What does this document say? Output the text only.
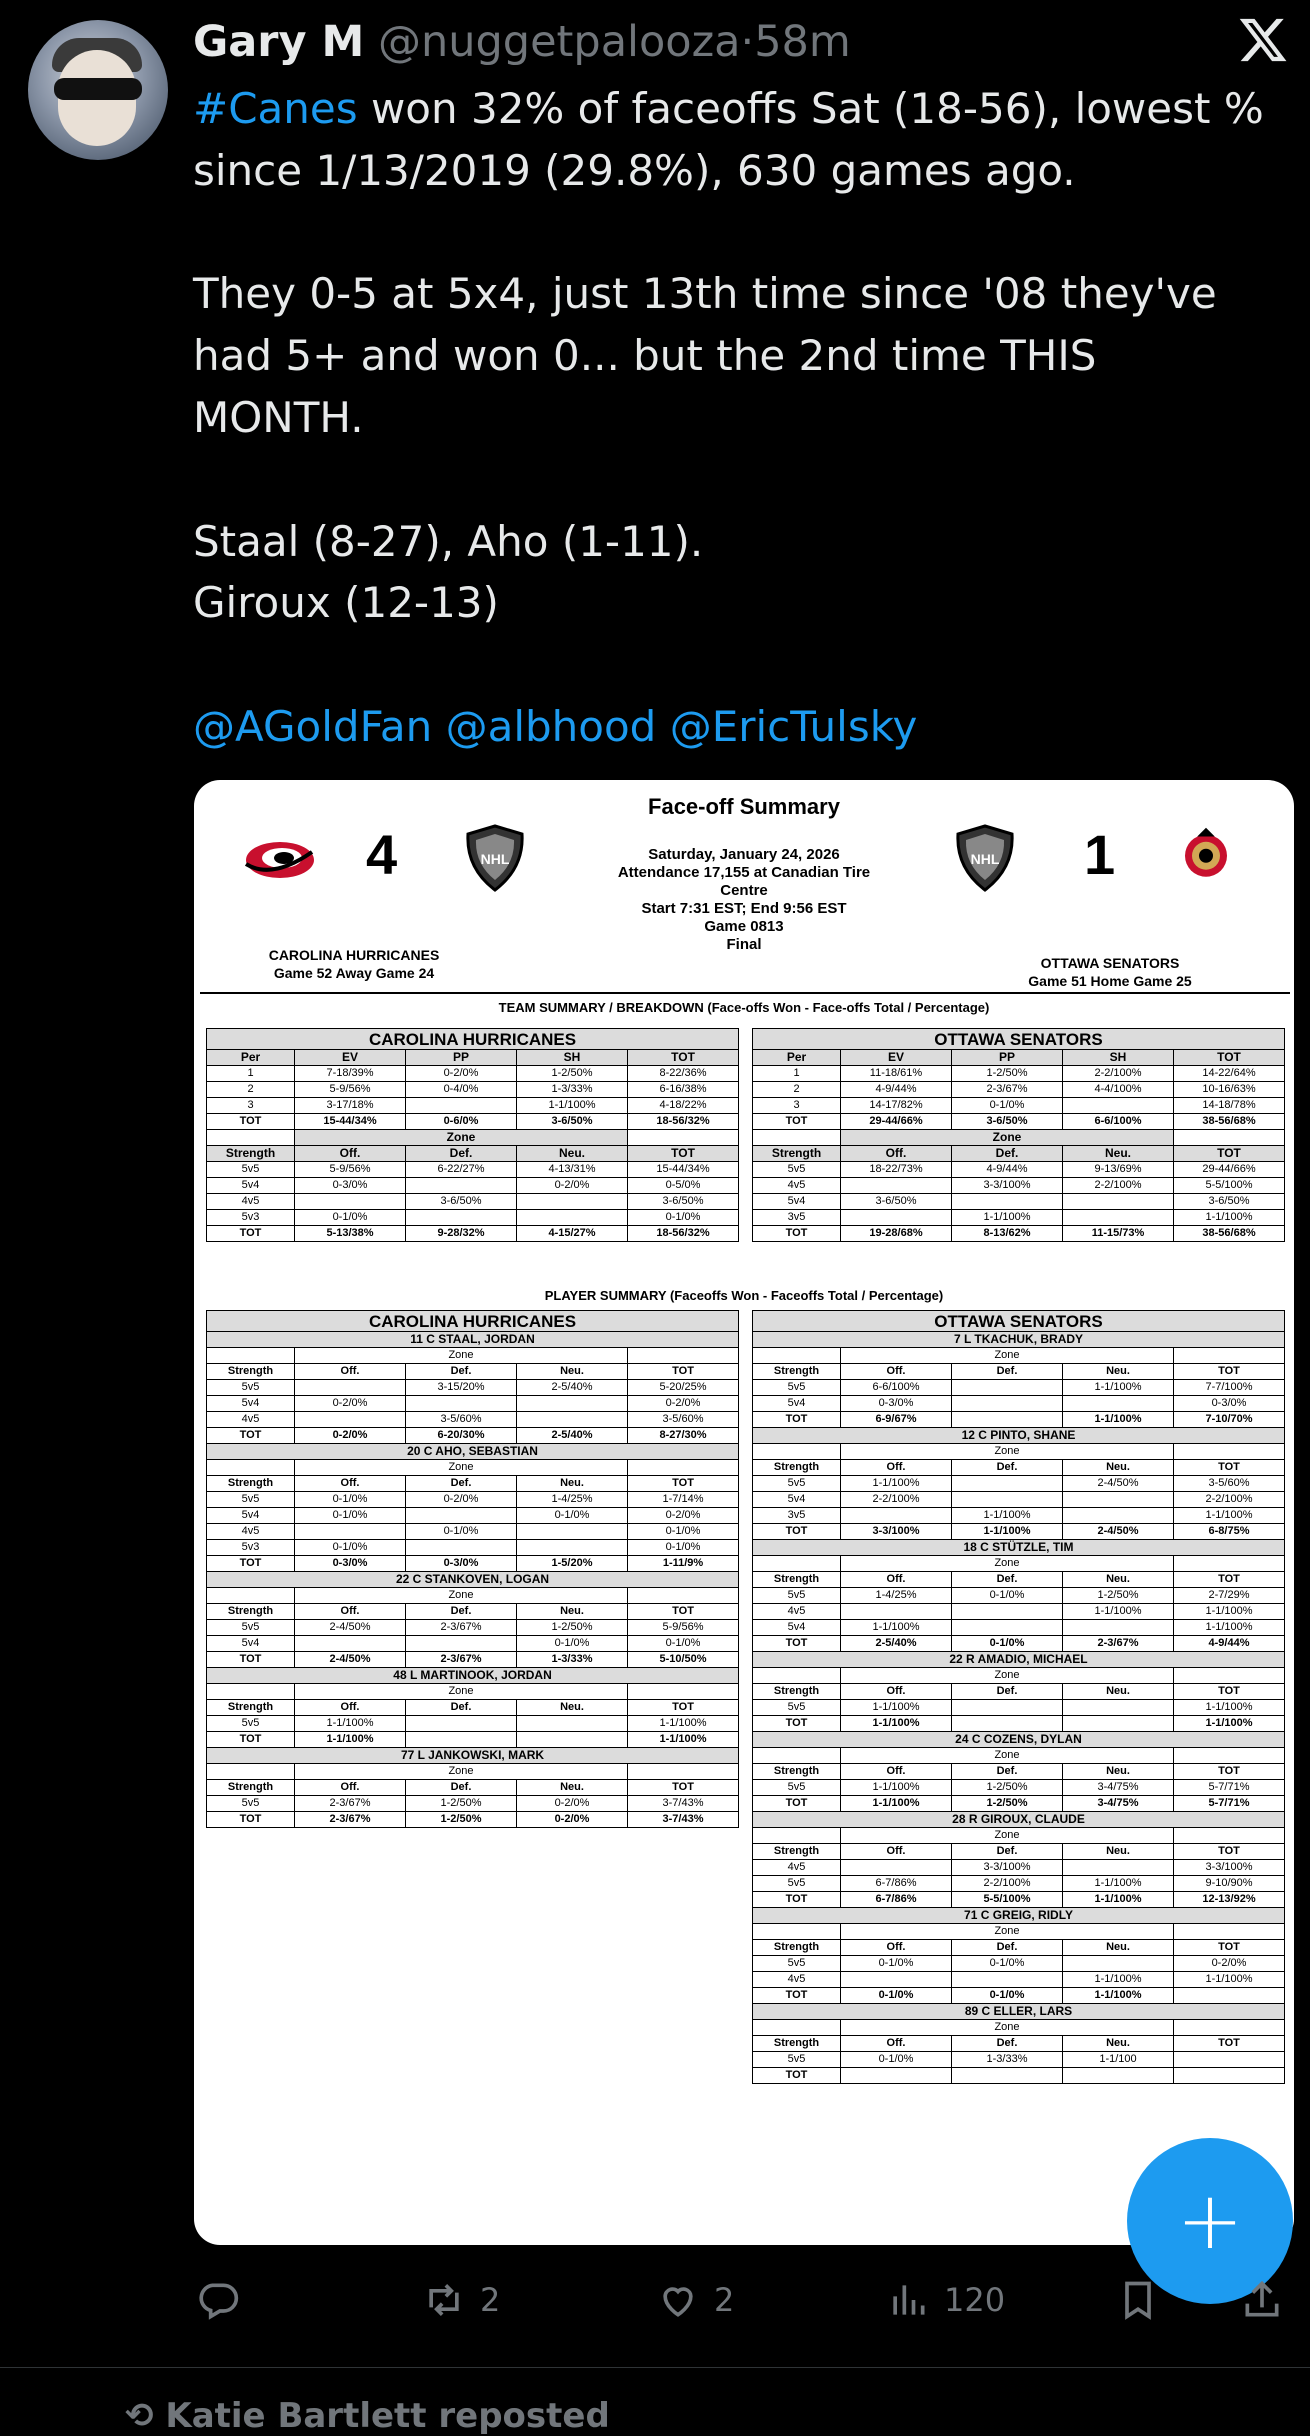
Gary M @nuggetpalooza·58m
#Canes won 32% of faceoffs Sat (18-56), lowest %
since 1/13/2019 (29.8%), 630 games ago.
They 0-5 at 5x4, just 13th time since '08 they've
had 5+ and won 0... but the 2nd time THIS
MONTH.
Staal (8-27), Aho (1-11).
Giroux (12-13)
@AGoldFan @albhood @EricTulsky
Face-off Summary
4	NHL	Saturday, January 24, 2026
Attendance 17,155 at Canadian Tire
Centre
Start 7:31 EST; End 9:56 EST
Game 0813
Final
NHL 1
CAROLINA HURRICANES
Game 52 Away Game 24
OTTAWA SENATORS
Game 51 Home Game 25
TEAM SUMMARY / BREAKDOWN (Face-offs Won - Face-offs Total / Percentage)
CAROLINA HURRICANES				
Per	EV	PP	SH	TOT
1	7-18/39%	0-2/0%	1-2/50%	8-22/36%
2	5-9/56%	0-4/0%	1-3/33%	6-16/38%
3	3-17/18%		1-1/100%	4-18/22%
TOT	15-44/34%	0-6/0%	3-6/50%	18-56/32%
	Zone			
Strength	Off.	Def.	Neu.	TOT
5v5	5-9/56%	6-22/27%	4-13/31%	15-44/34%
5v4	0-3/0%		0-2/0%	0-5/0%
4v5		3-6/50%		3-6/50%
5v3	0-1/0%			0-1/0%
TOT	5-13/38%	9-28/32%	4-15/27%	18-56/32%
OTTAWA SENATORS				
Per	EV	PP	SH	TOT
1	11-18/61%	1-2/50%	2-2/100%	14-22/64%
2	4-9/44%	2-3/67%	4-4/100%	10-16/63%
3	14-17/82%	0-1/0%		14-18/78%
TOT	29-44/66%	3-6/50%	6-6/100%	38-56/68%
	Zone			
Strength	Off.	Def.	Neu.	TOT
5v5	18-22/73%	4-9/44%	9-13/69%	29-44/66%
4v5		3-3/100%	2-2/100%	5-5/100%
5v4	3-6/50%			3-6/50%
3v5		1-1/100%		1-1/100%
TOT	19-28/68%	8-13/62%	11-15/73%	38-56/68%
PLAYER SUMMARY (Faceoffs Won - Faceoffs Total / Percentage)
CAROLINA HURRICANES				
11 C STAAL, JORDAN				
	Zone			
Strength	Off.	Def.	Neu.	TOT
5v5		3-15/20%	2-5/40%	5-20/25%
5v4	0-2/0%			0-2/0%
4v5		3-5/60%		3-5/60%
TOT	0-2/0%	6-20/30%	2-5/40%	8-27/30%
20 C AHO, SEBASTIAN				
	Zone			
Strength	Off.	Def.	Neu.	TOT
5v5	0-1/0%	0-2/0%	1-4/25%	1-7/14%
5v4	0-1/0%		0-1/0%	0-2/0%
4v5		0-1/0%		0-1/0%
5v3	0-1/0%			0-1/0%
TOT	0-3/0%	0-3/0%	1-5/20%	1-11/9%
22 C STANKOVEN, LOGAN				
	Zone			
Strength	Off.	Def.	Neu.	TOT
5v5	2-4/50%	2-3/67%	1-2/50%	5-9/56%
5v4			0-1/0%	0-1/0%
TOT	2-4/50%	2-3/67%	1-3/33%	5-10/50%
48 L MARTINOOK, JORDAN				
	Zone			
Strength	Off.	Def.	Neu.	TOT
5v5	1-1/100%			1-1/100%
TOT	1-1/100%			1-1/100%
77 L JANKOWSKI, MARK				
	Zone			
Strength	Off.	Def.	Neu.	TOT
5v5	2-3/67%	1-2/50%	0-2/0%	3-7/43%
TOT	2-3/67%	1-2/50%	0-2/0%	3-7/43%
OTTAWA SENATORS				
7 L TKACHUK, BRADY				
	Zone			
Strength	Off.	Def.	Neu.	TOT
5v5	6-6/100%		1-1/100%	7-7/100%
5v4	0-3/0%			0-3/0%
TOT	6-9/67%		1-1/100%	7-10/70%
12 C PINTO, SHANE				
	Zone			
Strength	Off.	Def.	Neu.	TOT
5v5	1-1/100%		2-4/50%	3-5/60%
5v4	2-2/100%			2-2/100%
3v5		1-1/100%		1-1/100%
TOT	3-3/100%	1-1/100%	2-4/50%	6-8/75%
18 C STÜTZLE, TIM				
	Zone			
Strength	Off.	Def.	Neu.	TOT
5v5	1-4/25%	0-1/0%	1-2/50%	2-7/29%
4v5			1-1/100%	1-1/100%
5v4	1-1/100%			1-1/100%
TOT	2-5/40%	0-1/0%	2-3/67%	4-9/44%
22 R AMADIO, MICHAEL				
	Zone			
Strength	Off.	Def.	Neu.	TOT
5v5	1-1/100%			1-1/100%
TOT	1-1/100%			1-1/100%
24 C COZENS, DYLAN				
	Zone			
Strength	Off.	Def.	Neu.	TOT
5v5	1-1/100%	1-2/50%	3-4/75%	5-7/71%
TOT	1-1/100%	1-2/50%	3-4/75%	5-7/71%
28 R GIROUX, CLAUDE				
	Zone			
Strength	Off.	Def.	Neu.	TOT
4v5		3-3/100%		3-3/100%
5v5	6-7/86%	2-2/100%	1-1/100%	9-10/90%
TOT	6-7/86%	5-5/100%	1-1/100%	12-13/92%
71 C GREIG, RIDLY				
	Zone			
Strength	Off.	Def.	Neu.	TOT
5v5	0-1/0%	0-1/0%		0-2/0%
4v5			1-1/100%	1-1/100%
TOT	0-1/0%	0-1/0%	1-1/100%	
89 C ELLER, LARS				
	Zone			
Strength	Off.	Def.	Neu.	TOT
5v5	0-1/0%	1-3/33%	1-1/100	
TOT				
+
2	2	120
⟲ Katie Bartlett reposted
